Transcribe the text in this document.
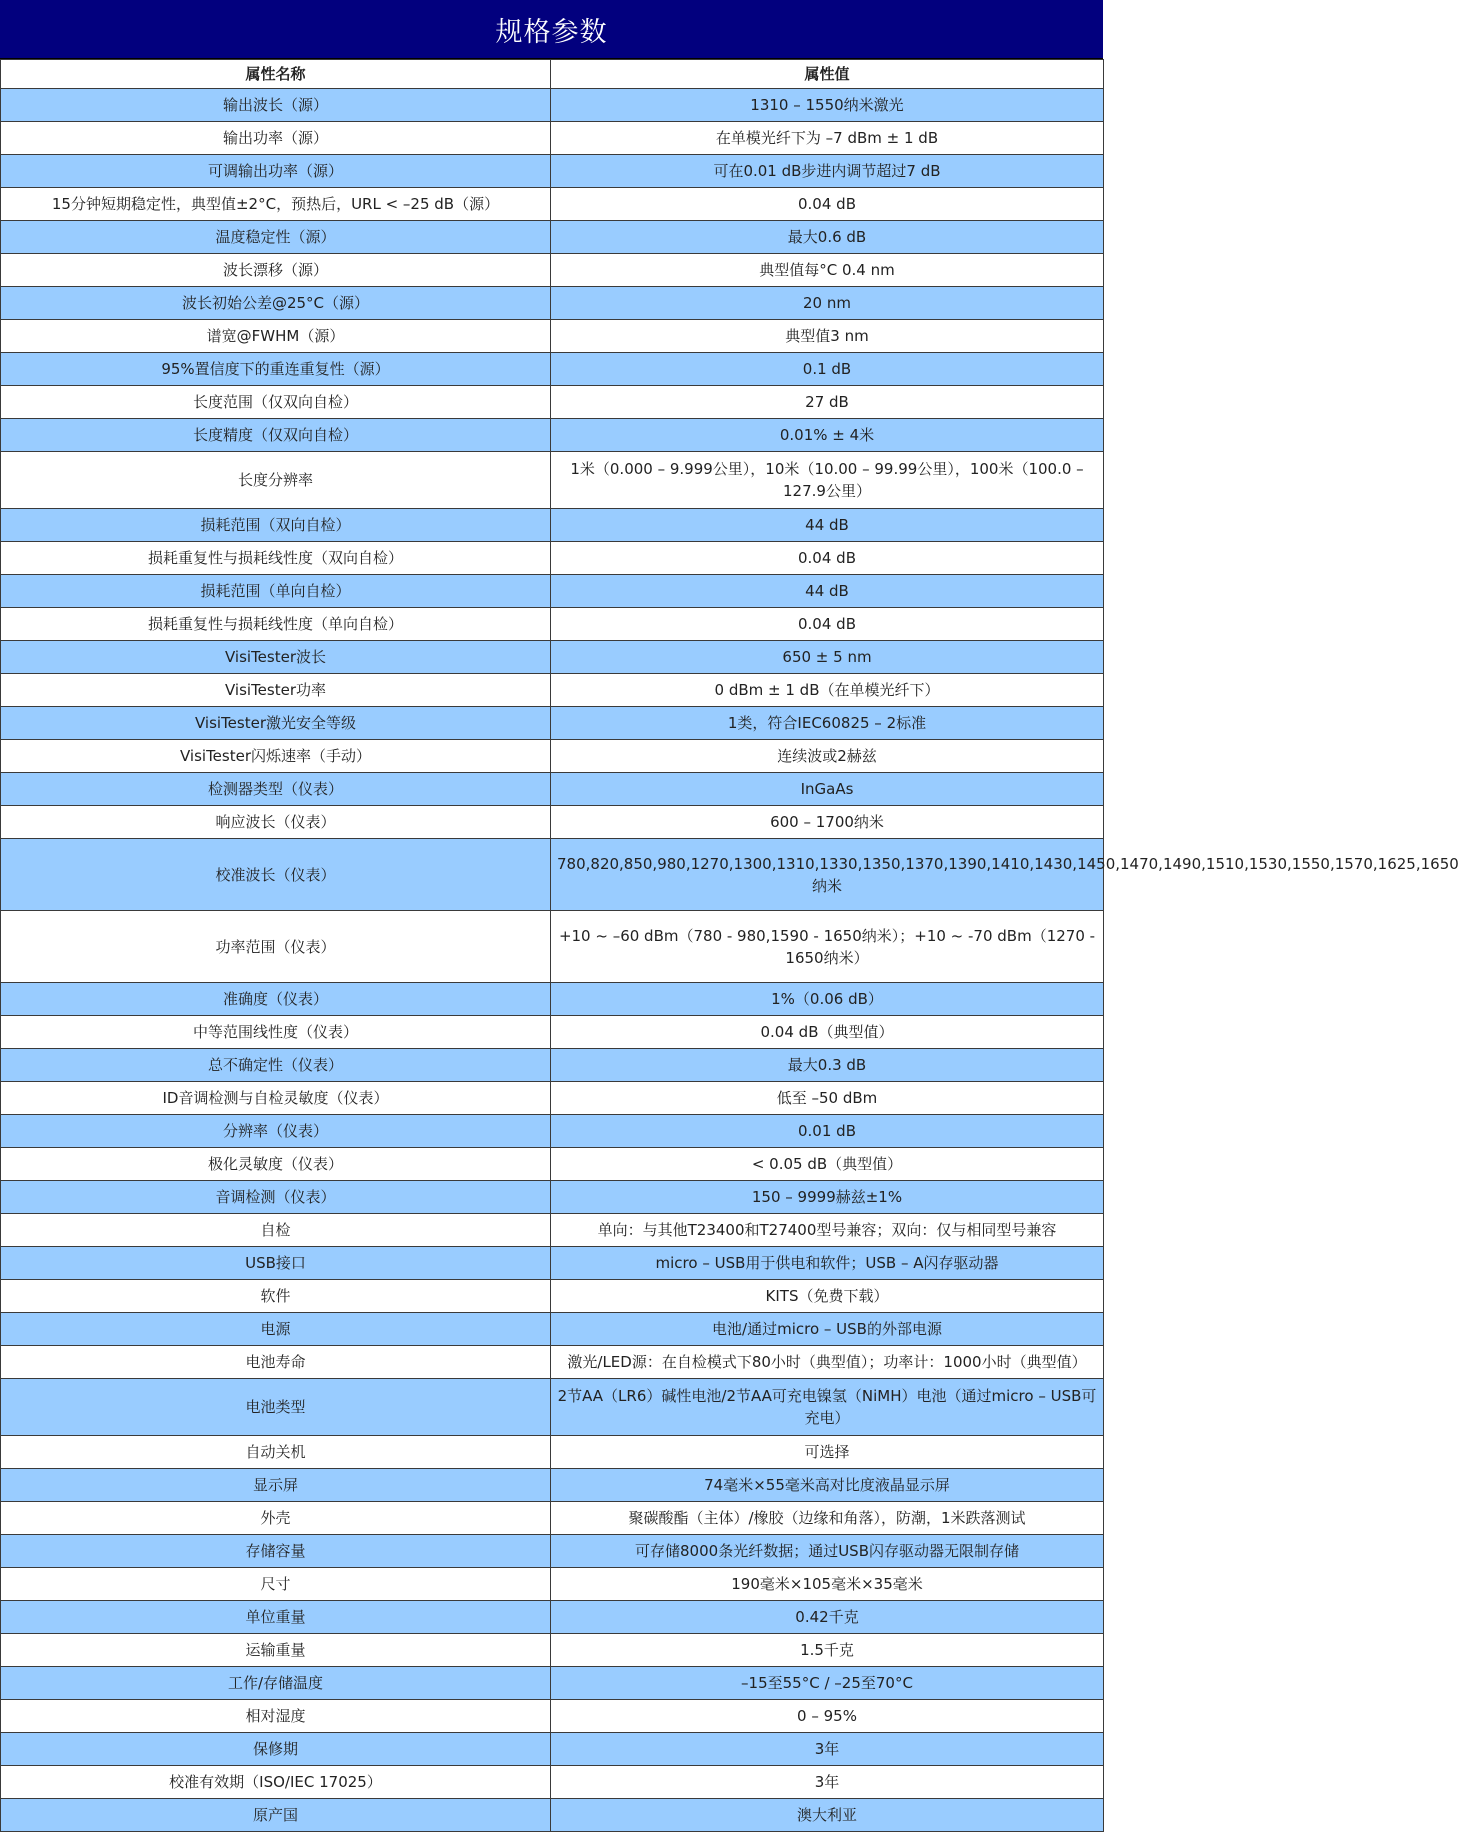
规格参数
属性名称	属性值
输出波长（源）	1310 – 1550纳米激光
输出功率（源）	在单模光纤下为 –7 dBm ± 1 dB
可调输出功率（源）	可在0.01 dB步进内调节超过7 dB
15分钟短期稳定性，典型值±2°C，预热后，URL < –25 dB（源）	0.04 dB
温度稳定性（源）	最大0.6 dB
波长漂移（源）	典型值每°C 0.4 nm
波长初始公差@25°C（源）	20 nm
谱宽@FWHM（源）	典型值3 nm
95%置信度下的重连重复性（源）	0.1 dB
长度范围（仅双向自检）	27 dB
长度精度（仅双向自检）	0.01% ± 4米
长度分辨率	1米（0.000 – 9.999公里），10米（10.00 – 99.99公里），100米（100.0 – 127.9公里）
损耗范围（双向自检）	44 dB
损耗重复性与损耗线性度（双向自检）	0.04 dB
损耗范围（单向自检）	44 dB
损耗重复性与损耗线性度（单向自检）	0.04 dB
VisiTester波长	650 ± 5 nm
VisiTester功率	0 dBm ± 1 dB（在单模光纤下）
VisiTester激光安全等级	1类，符合IEC60825 – 2标准
VisiTester闪烁速率（手动）	连续波或2赫兹
检测器类型（仪表）	InGaAs
响应波长（仪表）	600 – 1700纳米
校准波长（仪表）	780,820,850,980,1270,1300,1310,1330,1350,1370,1390,1410,1430,1450,1470,1490,1510,1530,1550,1570,1625,1650纳米
功率范围（仪表）	+10 ~ –60 dBm（780 - 980,1590 - 1650纳米）；+10 ~ -70 dBm（1270 - 1650纳米）
准确度（仪表）	1%（0.06 dB）
中等范围线性度（仪表）	0.04 dB（典型值）
总不确定性（仪表）	最大0.3 dB
ID音调检测与自检灵敏度（仪表）	低至 –50 dBm
分辨率（仪表）	0.01 dB
极化灵敏度（仪表）	< 0.05 dB（典型值）
音调检测（仪表）	150 – 9999赫兹±1%
自检	单向：与其他T23400和T27400型号兼容；双向：仅与相同型号兼容
USB接口	micro – USB用于供电和软件；USB – A闪存驱动器
软件	KITS（免费下载）
电源	电池/通过micro – USB的外部电源
电池寿命	激光/LED源：在自检模式下80小时（典型值）；功率计：1000小时（典型值）
电池类型	2节AA（LR6）碱性电池/2节AA可充电镍氢（NiMH）电池（通过micro – USB可充电）
自动关机	可选择
显示屏	74毫米×55毫米高对比度液晶显示屏
外壳	聚碳酸酯（主体）/橡胶（边缘和角落），防潮，1米跌落测试
存储容量	可存储8000条光纤数据；通过USB闪存驱动器无限制存储
尺寸	190毫米×105毫米×35毫米
单位重量	0.42千克
运输重量	1.5千克
工作/存储温度	–15至55°C / –25至70°C
相对湿度	0 – 95%
保修期	3年
校准有效期（ISO/IEC 17025）	3年
原产国	澳大利亚
